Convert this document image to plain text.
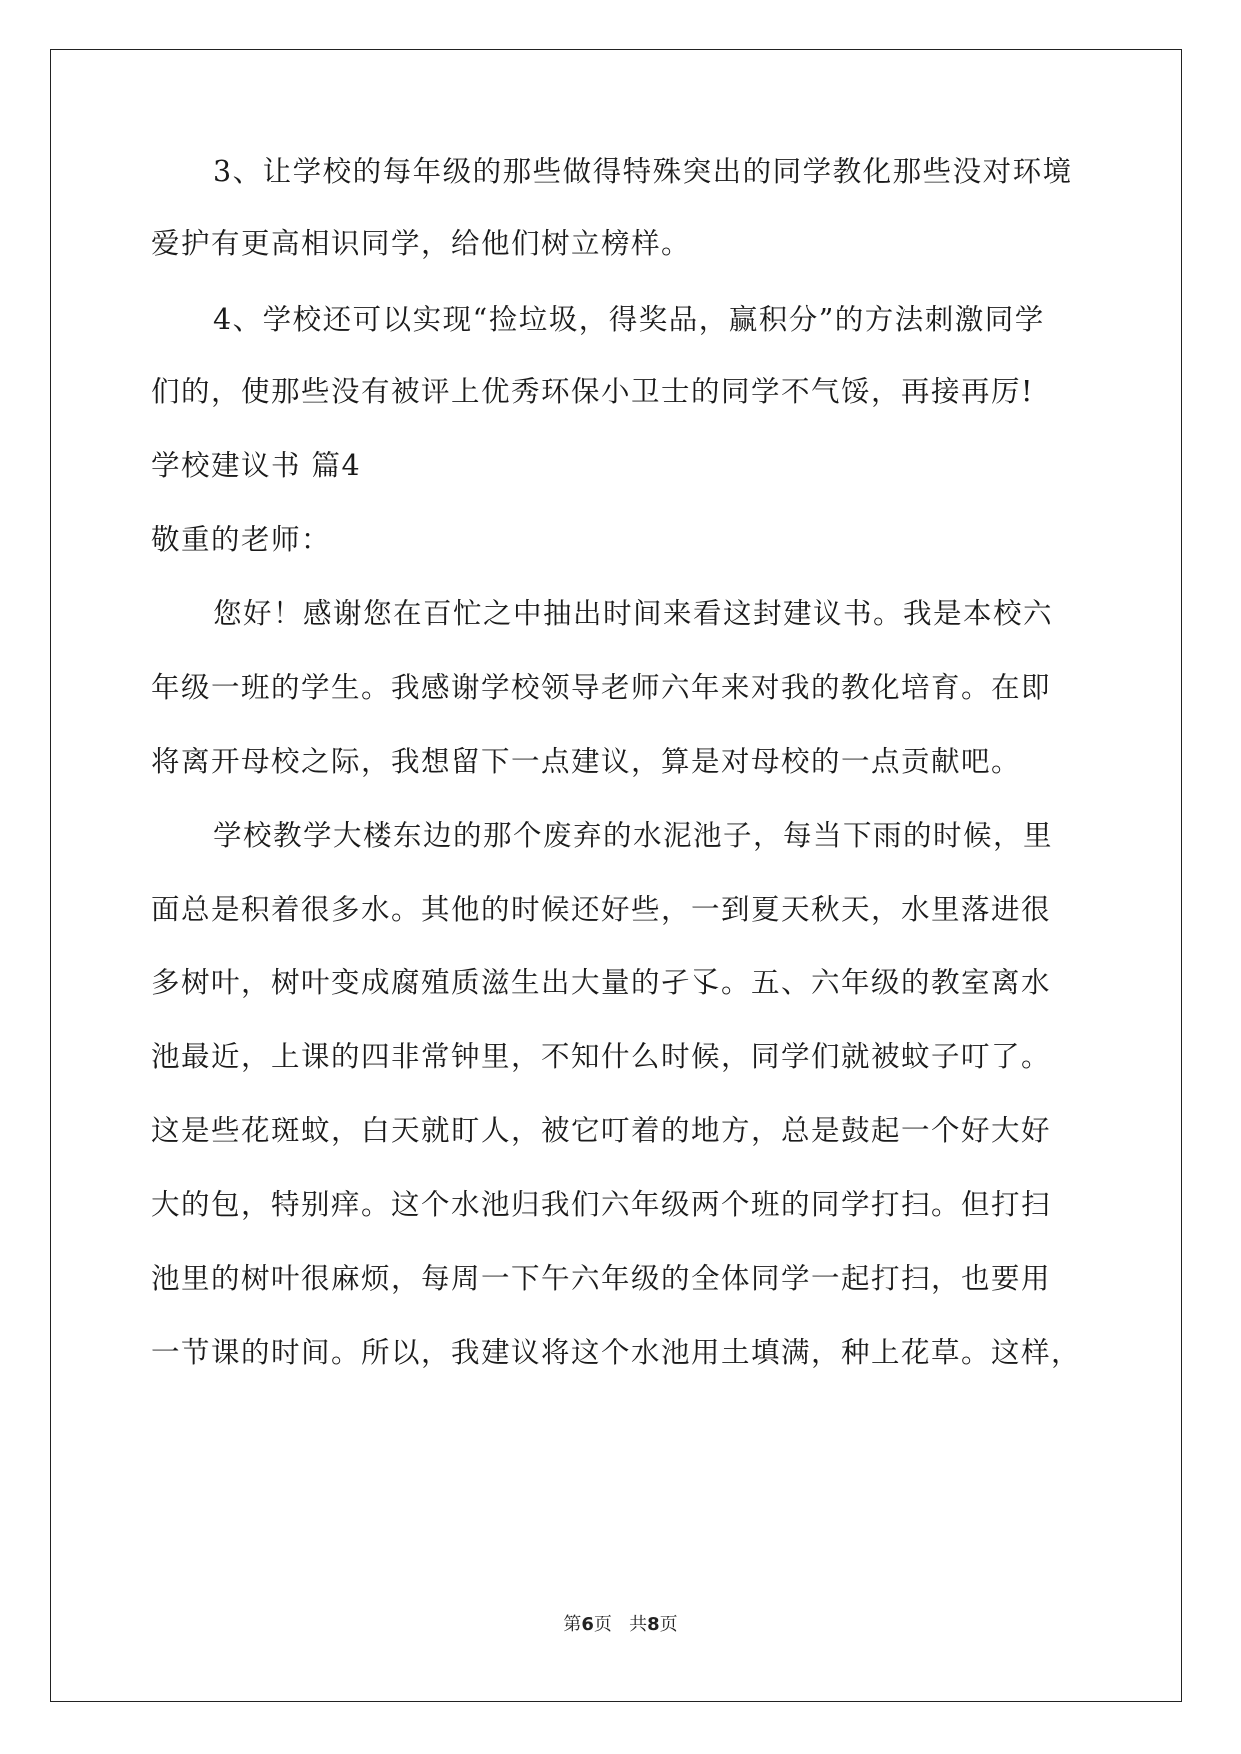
3、让学校的每年级的那些做得特殊突出的同学教化那些没对环境
爱护有更高相识同学，给他们树立榜样。
4、学校还可以实现“捡垃圾，得奖品，赢积分”的方法刺激同学
们的，使那些没有被评上优秀环保小卫士的同学不气馁，再接再厉!
学校建议书 篇4
敬重的老师：
您好！感谢您在百忙之中抽出时间来看这封建议书。我是本校六
年级一班的学生。我感谢学校领导老师六年来对我的教化培育。在即
将离开母校之际，我想留下一点建议，算是对母校的一点贡献吧。
学校教学大楼东边的那个废弃的水泥池子，每当下雨的时候，里
面总是积着很多水。其他的时候还好些，一到夏天秋天，水里落进很
多树叶，树叶变成腐殖质滋生出大量的孑孓。五、六年级的教室离水
池最近，上课的四非常钟里，不知什么时候，同学们就被蚊子叮了。
这是些花斑蚊，白天就盯人，被它叮着的地方，总是鼓起一个好大好
大的包，特别痒。这个水池归我们六年级两个班的同学打扫。但打扫
池里的树叶很麻烦，每周一下午六年级的全体同学一起打扫，也要用
一节课的时间。所以，我建议将这个水池用土填满，种上花草。这样，
第6页 共8页
